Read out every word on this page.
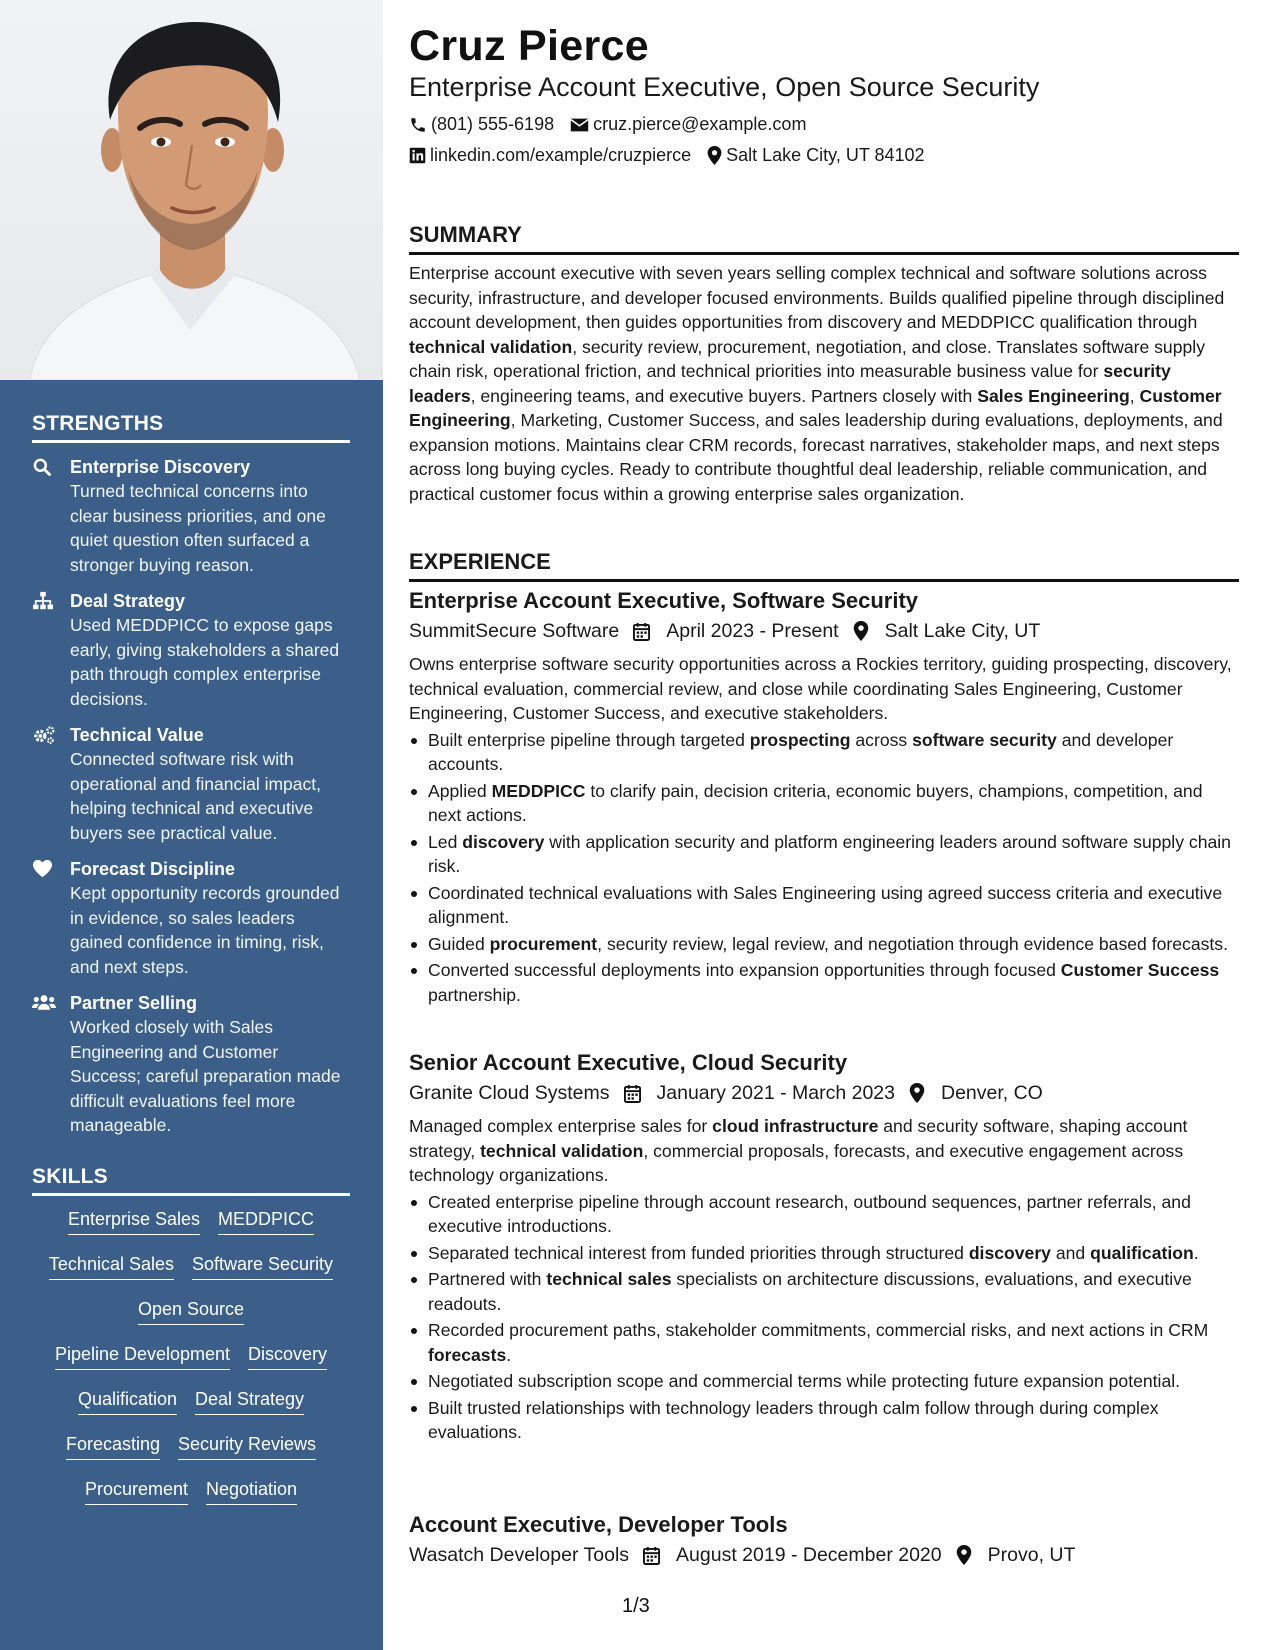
STRENGTHS
Enterprise Discovery
Turned technical concerns into clear business priorities, and one quiet question often surfaced a stronger buying reason.
Deal Strategy
Used MEDDPICC to expose gaps early, giving stakeholders a shared path through complex enterprise decisions.
Technical Value
Connected software risk with operational and financial impact, helping technical and executive buyers see practical value.
Forecast Discipline
Kept opportunity records grounded in evidence, so sales leaders gained confidence in timing, risk, and next steps.
Partner Selling
Worked closely with Sales Engineering and Customer Success; careful preparation made difficult evaluations feel more manageable.
SKILLS
Enterprise Sales MEDDPICC
Technical Sales Software Security
Open Source
Pipeline Development Discovery
Qualification Deal Strategy
Forecasting Security Reviews
Procurement Negotiation
Cruz Pierce
Enterprise Account Executive, Open Source Security
(801) 555-6198 cruz.pierce@example.com
linkedin.com/example/cruzpierce Salt Lake City, UT 84102
SUMMARY
Enterprise account executive with seven years selling complex technical and software solutions across security, infrastructure, and developer focused environments. Builds qualified pipeline through disciplined account development, then guides opportunities from discovery and MEDDPICC qualification through technical validation, security review, procurement, negotiation, and close. Translates software supply chain risk, operational friction, and technical priorities into measurable business value for security leaders, engineering teams, and executive buyers. Partners closely with Sales Engineering, Customer Engineering, Marketing, Customer Success, and sales leadership during evaluations, deployments, and expansion motions. Maintains clear CRM records, forecast narratives, stakeholder maps, and next steps across long buying cycles. Ready to contribute thoughtful deal leadership, reliable communication, and practical customer focus within a growing enterprise sales organization.
EXPERIENCE
Enterprise Account Executive, Software Security
SummitSecure Software April 2023 - Present Salt Lake City, UT
Owns enterprise software security opportunities across a Rockies territory, guiding prospecting, discovery, technical evaluation, commercial review, and close while coordinating Sales Engineering, Customer Engineering, Customer Success, and executive stakeholders.
Built enterprise pipeline through targeted prospecting across software security and developer accounts.
Applied MEDDPICC to clarify pain, decision criteria, economic buyers, champions, competition, and next actions.
Led discovery with application security and platform engineering leaders around software supply chain risk.
Coordinated technical evaluations with Sales Engineering using agreed success criteria and executive alignment.
Guided procurement, security review, legal review, and negotiation through evidence based forecasts.
Converted successful deployments into expansion opportunities through focused Customer Success partnership.
Senior Account Executive, Cloud Security
Granite Cloud Systems January 2021 - March 2023 Denver, CO
Managed complex enterprise sales for cloud infrastructure and security software, shaping account strategy, technical validation, commercial proposals, forecasts, and executive engagement across technology organizations.
Created enterprise pipeline through account research, outbound sequences, partner referrals, and executive introductions.
Separated technical interest from funded priorities through structured discovery and qualification.
Partnered with technical sales specialists on architecture discussions, evaluations, and executive readouts.
Recorded procurement paths, stakeholder commitments, commercial risks, and next actions in CRM forecasts.
Negotiated subscription scope and commercial terms while protecting future expansion potential.
Built trusted relationships with technology leaders through calm follow through during complex evaluations.
Account Executive, Developer Tools
Wasatch Developer Tools August 2019 - December 2020 Provo, UT
1/3
